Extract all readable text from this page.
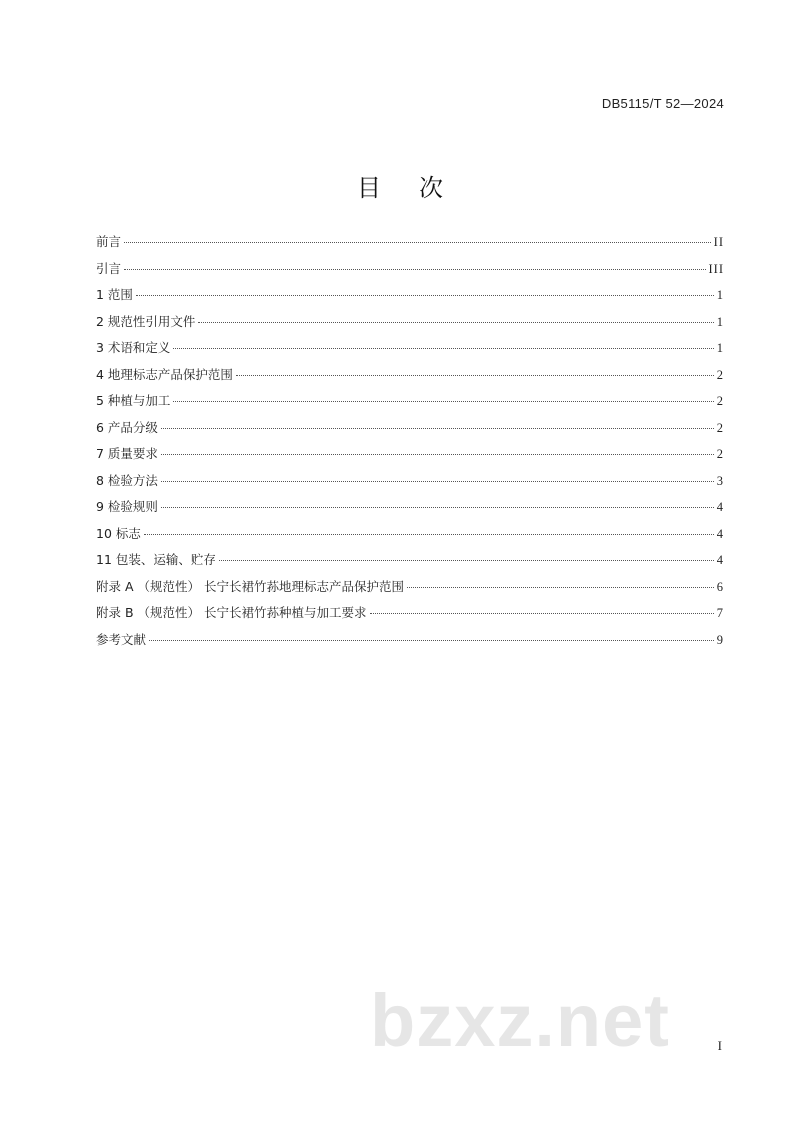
DB5115/T 52—2024
目次
前言	II
引言	III
1 范围	1
2 规范性引用文件	1
3 术语和定义	1
4 地理标志产品保护范围	2
5 种植与加工	2
6 产品分级	2
7 质量要求	2
8 检验方法	3
9 检验规则	4
10 标志	4
11 包装、运输、贮存	4
附录 A （规范性） 长宁长裙竹荪地理标志产品保护范围	6
附录 B （规范性） 长宁长裙竹荪种植与加工要求	7
参考文献	9
bzxz.net	I
